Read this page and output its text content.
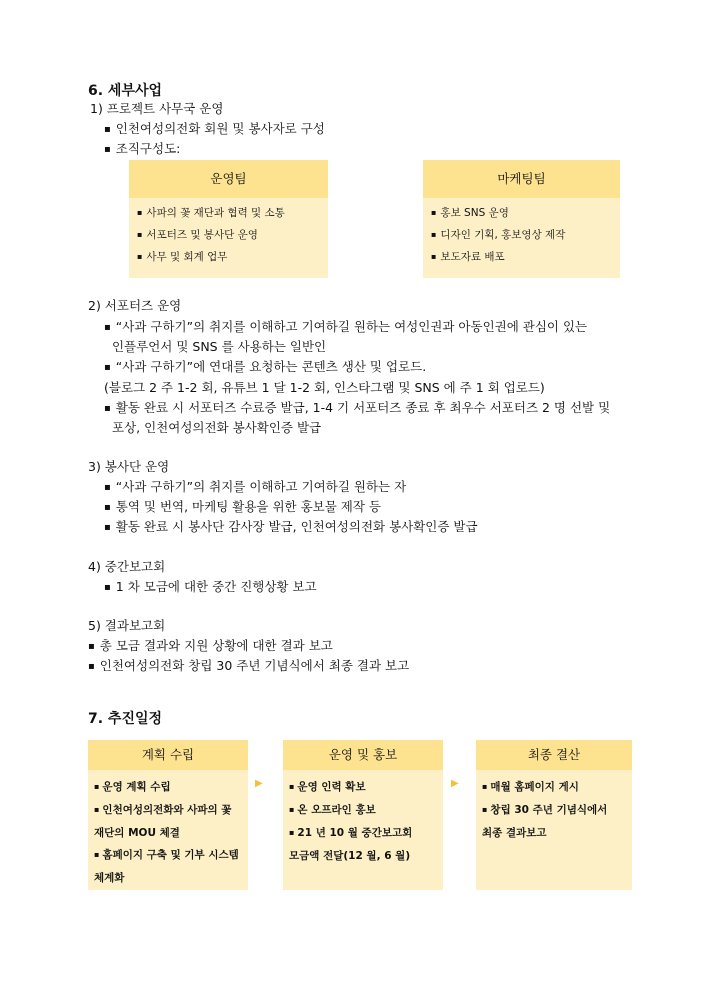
6. 세부사업
1) 프로젝트 사무국 운영
▪ 인천여성의전화 회원 및 봉사자로 구성
▪ 조직구성도:
운영팀
▪ 사파의 꽃 재단과 협력 및 소통
▪ 서포터즈 및 봉사단 운영
▪ 사무 및 회계 업무
마케팅팀
▪ 홍보 SNS 운영
▪ 디자인 기획, 홍보영상 제작
▪ 보도자료 배포
2) 서포터즈 운영
▪ “사과 구하기”의 취지를 이해하고 기여하길 원하는 여성인권과 아동인권에 관심이 있는
인플루언서 및 SNS 를 사용하는 일반인
▪ “사과 구하기”에 연대를 요청하는 콘텐츠 생산 및 업로드.
(블로그 2 주 1-2 회, 유튜브 1 달 1-2 회, 인스타그램 및 SNS 에 주 1 회 업로드)
▪ 활동 완료 시 서포터즈 수료증 발급, 1-4 기 서포터즈 종료 후 최우수 서포터즈 2 명 선발 및
포상, 인천여성의전화 봉사확인증 발급
3) 봉사단 운영
▪ “사과 구하기”의 취지를 이해하고 기여하길 원하는 자
▪ 통역 및 번역, 마케팅 활용을 위한 홍보물 제작 등
▪ 활동 완료 시 봉사단 감사장 발급, 인천여성의전화 봉사확인증 발급
4) 중간보고회
▪ 1 차 모금에 대한 중간 진행상황 보고
5) 결과보고회
▪ 총 모금 결과와 지원 상황에 대한 결과 보고
▪ 인천여성의전화 창립 30 주년 기념식에서 최종 결과 보고
7. 추진일정
계획 수립
▪ 운영 계획 수립
▪ 인천여성의전화와 사파의 꽃
재단의 MOU 체결
▪ 홈페이지 구축 및 기부 시스템
체계화
▶
운영 및 홍보
▪ 운영 인력 확보
▪ 온 오프라인 홍보
▪ 21 년 10 월 중간보고회
모금액 전달(12 월, 6 월)
▶
최종 결산
▪ 매월 홈페이지 게시
▪ 창립 30 주년 기념식에서
최종 결과보고
